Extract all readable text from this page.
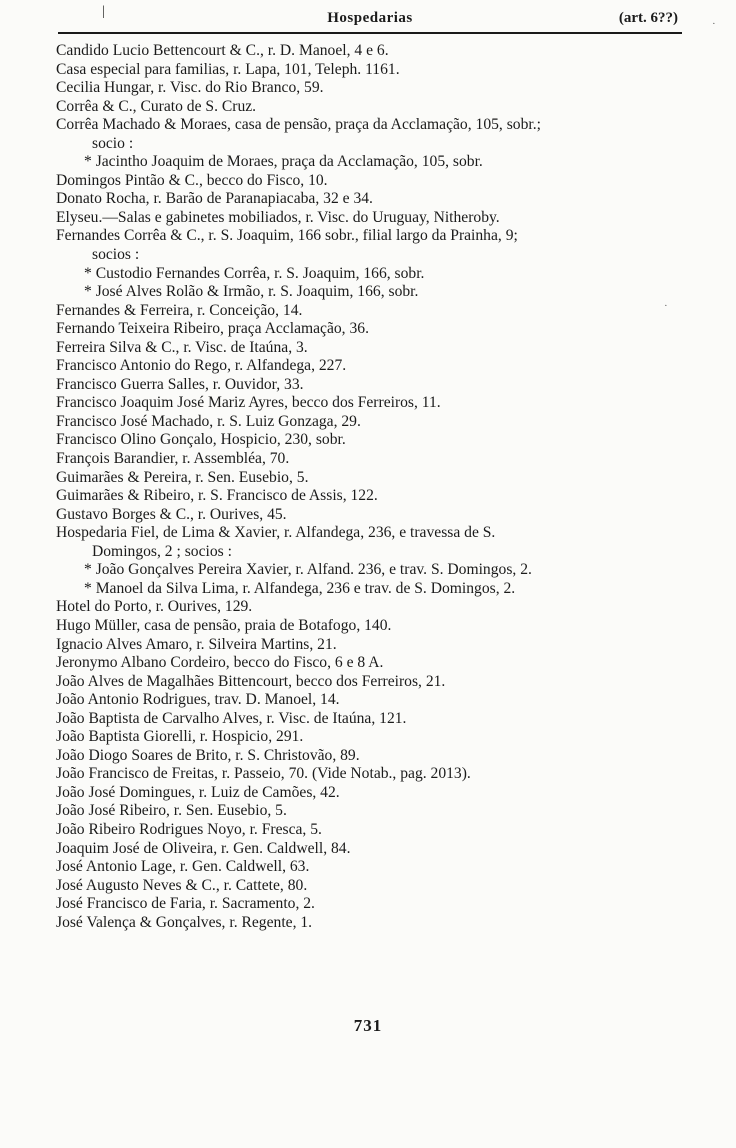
|	Hospedarias	(art. 6??)
Candido Lucio Bettencourt & C., r. D. Manoel, 4 e 6.
Casa especial para familias, r. Lapa, 101, Teleph. 1161.
Cecilia Hungar, r. Visc. do Rio Branco, 59.
Corrêa & C., Curato de S. Cruz.
Corrêa Machado & Moraes, casa de pensão, praça da Acclamação, 105, sobr.;
socio :
* Jacintho Joaquim de Moraes, praça da Acclamação, 105, sobr.
Domingos Pintão & C., becco do Fisco, 10.
Donato Rocha, r. Barão de Paranapiacaba, 32 e 34.
Elyseu.—Salas e gabinetes mobiliados, r. Visc. do Uruguay, Nitheroby.
Fernandes Corrêa & C., r. S. Joaquim, 166 sobr., filial largo da Prainha, 9;
socios :
* Custodio Fernandes Corrêa, r. S. Joaquim, 166, sobr.
* José Alves Rolão & Irmão, r. S. Joaquim, 166, sobr.
Fernandes & Ferreira, r. Conceição, 14.
Fernando Teixeira Ribeiro, praça Acclamação, 36.
Ferreira Silva & C., r. Visc. de Itaúna, 3.
Francisco Antonio do Rego, r. Alfandega, 227.
Francisco Guerra Salles, r. Ouvidor, 33.
Francisco Joaquim José Mariz Ayres, becco dos Ferreiros, 11.
Francisco José Machado, r. S. Luiz Gonzaga, 29.
Francisco Olino Gonçalo, Hospicio, 230, sobr.
François Barandier, r. Assembléa, 70.
Guimarães & Pereira, r. Sen. Eusebio, 5.
Guimarães & Ribeiro, r. S. Francisco de Assis, 122.
Gustavo Borges & C., r. Ourives, 45.
Hospedaria Fiel, de Lima & Xavier, r. Alfandega, 236, e travessa de S.
Domingos, 2 ; socios :
* João Gonçalves Pereira Xavier, r. Alfand. 236, e trav. S. Domingos, 2.
* Manoel da Silva Lima, r. Alfandega, 236 e trav. de S. Domingos, 2.
Hotel do Porto, r. Ourives, 129.
Hugo Müller, casa de pensão, praia de Botafogo, 140.
Ignacio Alves Amaro, r. Silveira Martins, 21.
Jeronymo Albano Cordeiro, becco do Fisco, 6 e 8 A.
João Alves de Magalhães Bittencourt, becco dos Ferreiros, 21.
João Antonio Rodrigues, trav. D. Manoel, 14.
João Baptista de Carvalho Alves, r. Visc. de Itaúna, 121.
João Baptista Giorelli, r. Hospicio, 291.
João Diogo Soares de Brito, r. S. Christovão, 89.
João Francisco de Freitas, r. Passeio, 70. (Vide Notab., pag. 2013).
João José Domingues, r. Luiz de Camões, 42.
João José Ribeiro, r. Sen. Eusebio, 5.
João Ribeiro Rodrigues Noyo, r. Fresca, 5.
Joaquim José de Oliveira, r. Gen. Caldwell, 84.
José Antonio Lage, r. Gen. Caldwell, 63.
José Augusto Neves & C., r. Cattete, 80.
José Francisco de Faria, r. Sacramento, 2.
José Valença & Gonçalves, r. Regente, 1.
731
·
·
